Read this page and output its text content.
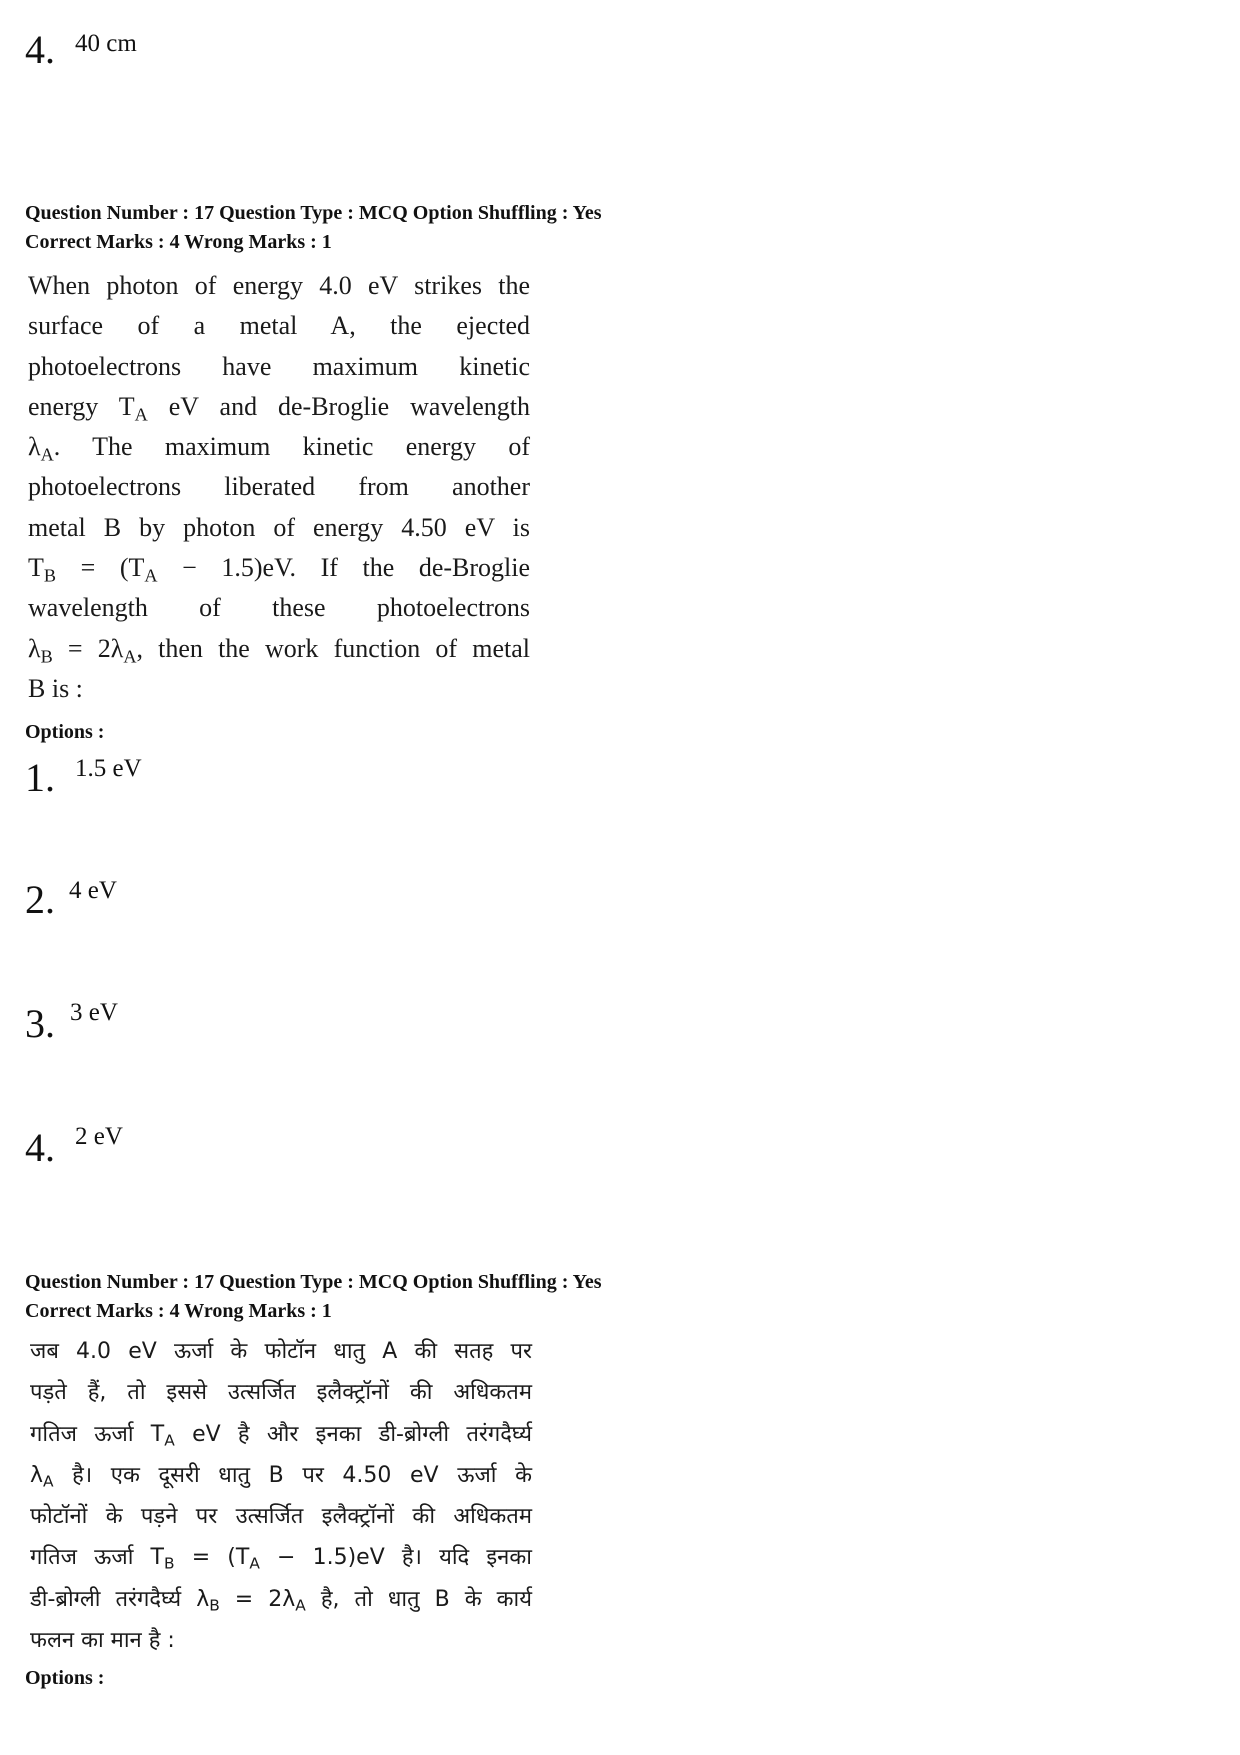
4. 40 cm
Question Number : 17 Question Type : MCQ Option Shuffling : Yes
Correct Marks : 4 Wrong Marks : 1
When photon of energy 4.0 eV strikes the
surface of a metal A, the ejected
photoelectrons have maximum kinetic
energy $T_A$ eV and de-Broglie wavelength
$\lambda_A$. The maximum kinetic energy of
photoelectrons liberated from another
metal B by photon of energy 4.50 eV is
$T_B = (T_A - 1.5)eV$. If the de-Broglie
wavelength of these photoelectrons
$\lambda_B = 2\lambda_A$, then the work function of metal
B is :
Options :
1. 1.5 eV
2. 4 eV
3. 3 eV
4. 2 eV
Question Number : 17 Question Type : MCQ Option Shuffling : Yes
Correct Marks : 4 Wrong Marks : 1
जब 4.0 eV ऊर्जा के फोटॉन धातु A की सतह पर
पड़ते हैं, तो इससे उत्सर्जित इलैक्ट्रॉनों की अधिकतम
गतिज ऊर्जा $T_A$ eV है और इनका डी-ब्रोग्ली तरंगदैर्घ्य
$\lambda_A$ है। एक दूसरी धातु B पर 4.50 eV ऊर्जा के
फोटॉनों के पड़ने पर उत्सर्जित इलैक्ट्रॉनों की अधिकतम
गतिज ऊर्जा $T_B = (T_A - 1.5)eV$ है। यदि इनका
डी-ब्रोग्ली तरंगदैर्घ्य $\lambda_B = 2\lambda_A$ है, तो धातु B के कार्य
फलन का मान है :
Options :
